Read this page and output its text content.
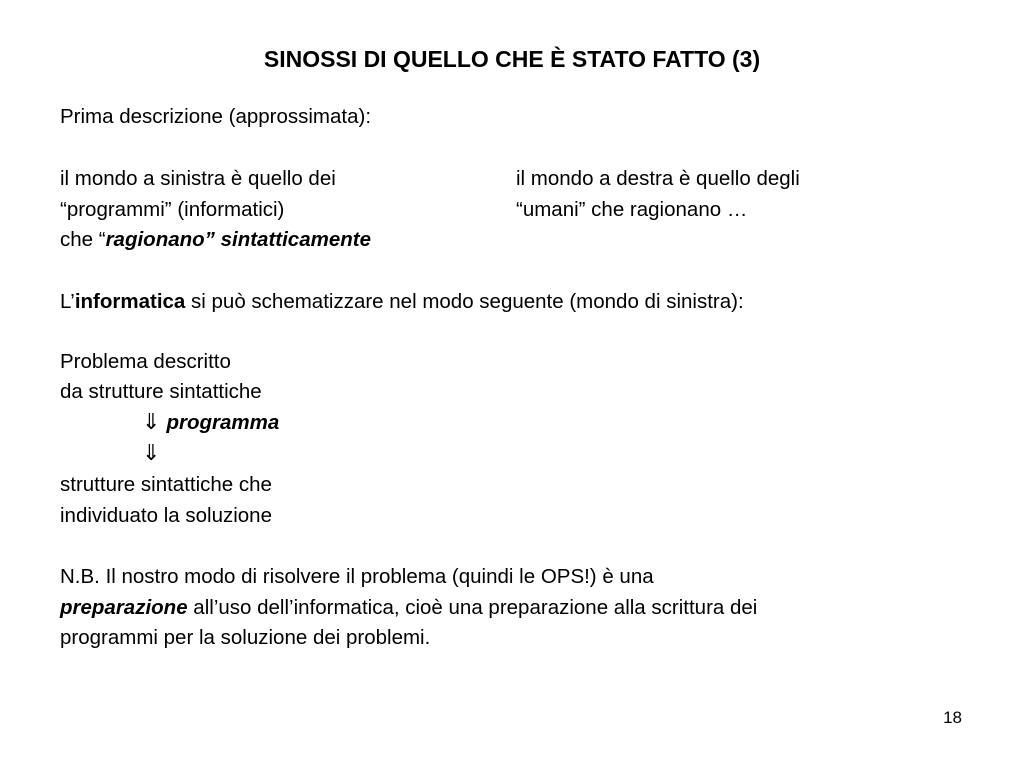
SINOSSI DI QUELLO CHE È STATO FATTO (3)
Prima descrizione (approssimata):
il mondo a sinistra è quello dei	il mondo a destra è quello degli
“programmi” (informatici)	“umani” che ragionano …
che “ragionano” sintatticamente
L’informatica si può schematizzare nel modo seguente (mondo di sinistra):
Problema descritto
da strutture sintattiche
⇓ programma
⇓
strutture sintattiche che
individuato la soluzione
N.B. Il nostro modo di risolvere il problema (quindi le OPS!) è una
preparazione all’uso dell’informatica, cioè una preparazione alla scrittura dei
programmi per la soluzione dei problemi.
18
